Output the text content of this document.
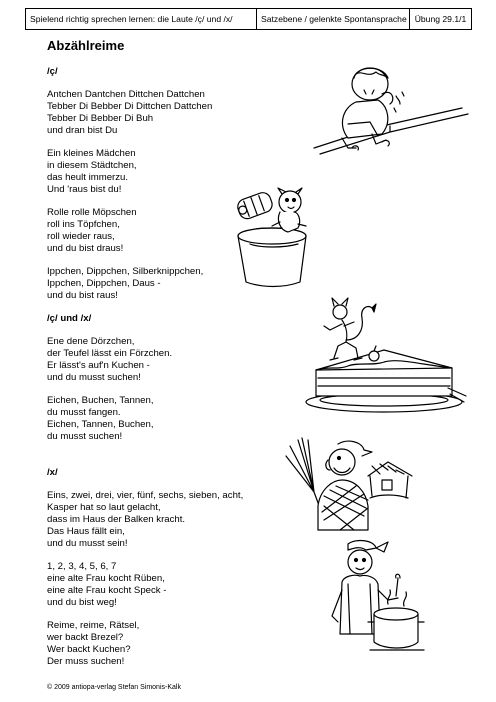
Spielend richtig sprechen lernen: die Laute /ç/ und /x/	Satzebene / gelenkte Spontansprache Übung 29.1/1
Abzählreime
/ç/
Antchen Dantchen Dittchen Dattchen
Tebber Di Bebber Di Dittchen Dattchen
Tebber Di Bebber Di Buh
und dran bist Du
Ein kleines Mädchen
in diesem Städtchen,
das heult immerzu.
Und 'raus bist du!
Rolle rolle Möpschen
roll ins Töpfchen,
roll wieder raus,
und du bist draus!
Ippchen, Dippchen, Silberknippchen,
Ippchen, Dippchen, Daus -
und du bist raus!
/ç/ und /x/
Ene dene Dörzchen,
der Teufel lässt ein Förzchen.
Er lässt's auf'n Kuchen -
und du musst suchen!
Eichen, Buchen, Tannen,
du musst fangen.
Eichen, Tannen, Buchen,
du musst suchen!
/x/
Eins, zwei, drei, vier, fünf, sechs, sieben, acht,
Kasper hat so laut gelacht,
dass im Haus der Balken kracht.
Das Haus fällt ein,
und du musst sein!
1, 2, 3, 4, 5, 6, 7
eine alte Frau kocht Rüben,
eine alte Frau kocht Speck -
und du bist weg!
Reime, reime, Rätsel,
wer backt Brezel?
Wer backt Kuchen?
Der muss suchen!
© 2009 antiopa-verlag Stefan Simonis-Kalk
